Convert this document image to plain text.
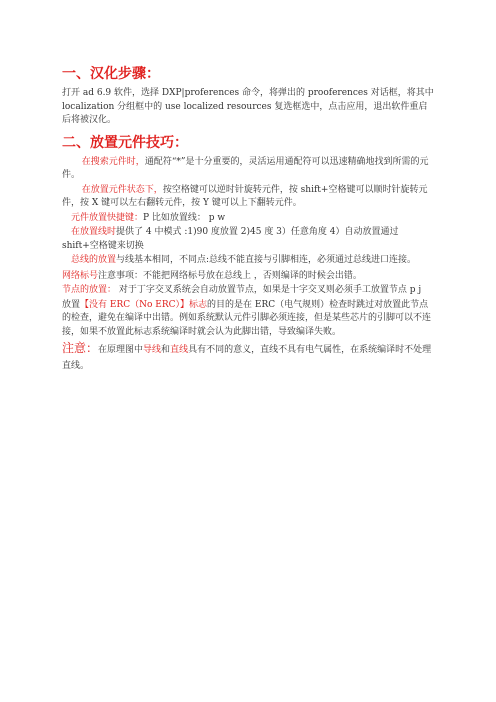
一、汉化步骤：

打开 ad 6.9 软件，选择 DXP|proferences 命令，将弹出的 prooferences 对话框，将其中 localization 分组框中的 use localized resources 复选框选中，点击应用，退出软件重启后将被汉化。

二、放置元件技巧：

在搜索元件时，通配符“*”是十分重要的，灵活运用通配符可以迅速精确地找到所需的元件。

在放置元件状态下，按空格键可以逆时针旋转元件，按 shift+空格键可以顺时针旋转元件，按 X 键可以左右翻转元件，按 Y 键可以上下翻转元件。

元件放置快捷键：P 比如放置线： p w

在放置线时提供了 4 中模式 :1)90 度放置 2)45 度 3）任意角度 4）自动放置通过 shift+空格键来切换

总线的放置与线基本相同，不同点:总线不能直接与引脚相连，必须通过总线进口连接。

网络标号注意事项：不能把网络标号放在总线上 ，否则编译的时候会出错。

节点的放置： 对于丁字交叉系统会自动放置节点，如果是十字交叉则必须手工放置节点 p j

放置【没有 ERC（No ERC）】标志的目的是在 ERC（电气规则）检查时跳过对放置此节点的检查，避免在编译中出错。例如系统默认元件引脚必须连接，但是某些芯片的引脚可以不连接，如果不放置此标志系统编译时就会认为此脚出错，导致编译失败。

注意：在原理图中导线和直线具有不同的意义，直线不具有电气属性，在系统编译时不处理直线。
